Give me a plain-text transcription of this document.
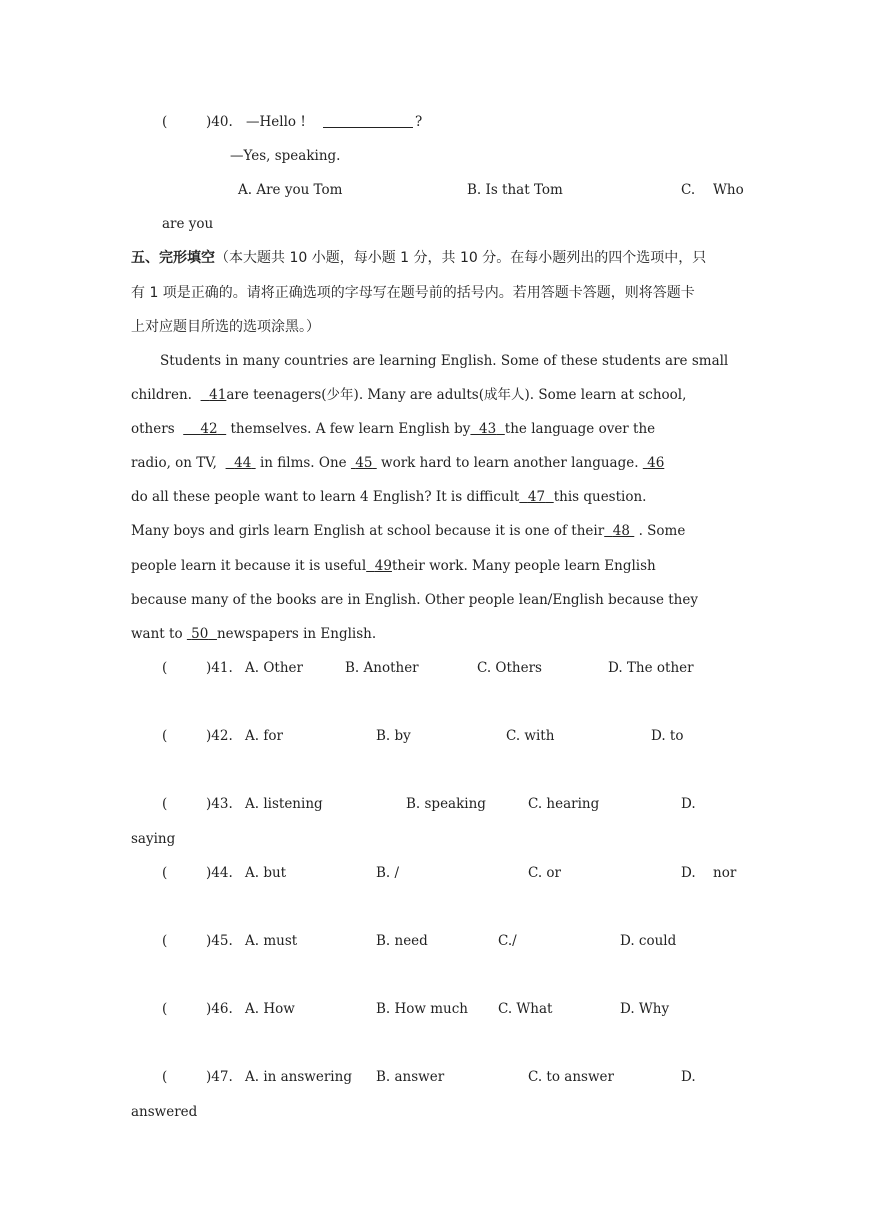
(	)40. —Hello !	?
—Yes, speaking.
A. Are you Tom	B. Is that Tom	C. Who
are you
五、完形填空（本大题共 10 小题，每小题 1 分，共 10 分。在每小题列出的四个选项中，只
有 1 项是正确的。请将正确选项的字母写在题号前的括号内。若用答题卡答题，则将答题卡
上对应题目所选的选项涂黑。）
Students in many countries are learning English. Some of these students are small
children. 41are teenagers(少年). Many are adults(成年人). Some learn at school,
others 42 themselves. A few learn English by 43 the language over the
radio, on TV, 44 in films. One 45 work hard to learn another language. 46
do all these people want to learn 4 English? It is difficult 47 this question.
Many boys and girls learn English at school because it is one of their 48 . Some
people learn it because it is useful 49their work. Many people learn English
because many of the books are in English. Other people lean/English because they
want to 50 newspapers in English.
(	)41. A. Other	B. Another	C. Others	D. The other
(	)42. A. for	B. by	C. with	D. to
(	)43. A. listening	B. speaking	C. hearing	D.
saying
(	)44. A. but	B. /	C. or	D. nor
(	)45. A. must	B. need	C./	D. could
(	)46. A. How	B. How much C. What	D. Why
(	)47. A. in answering B. answer	C. to answer	D.
answered
